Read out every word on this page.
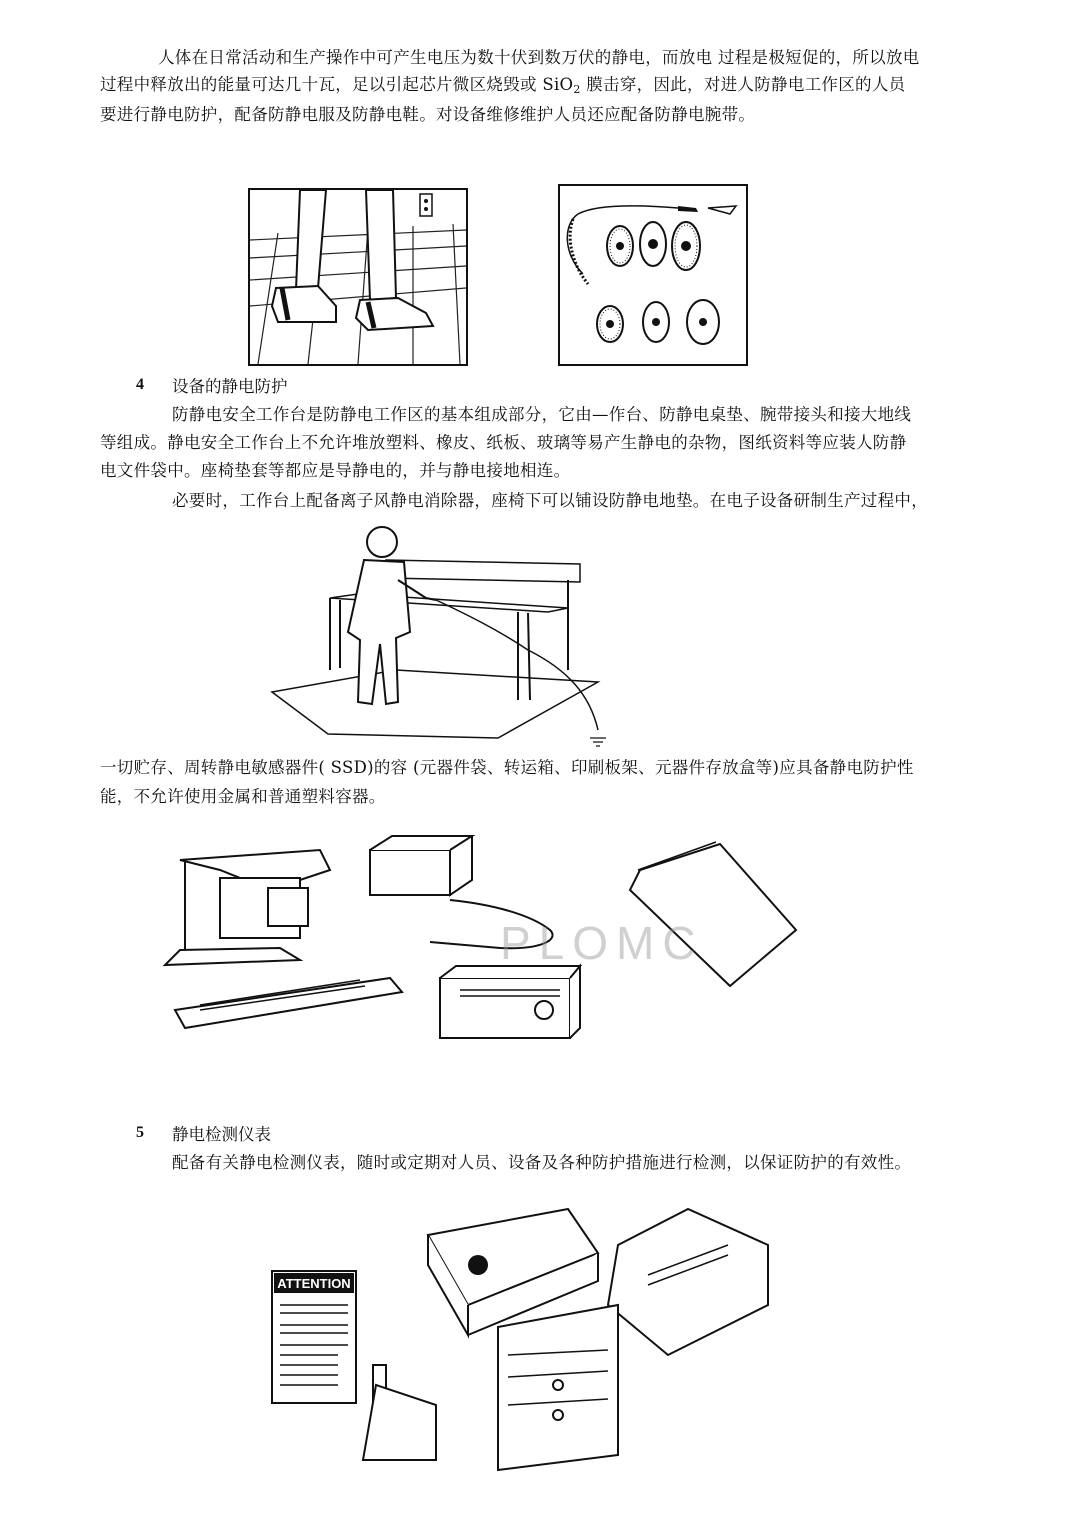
人体在日常活动和生产操作中可产生电压为数十伏到数万伏的静电，而放电 过程是极短促的，所以放电
过程中释放出的能量可达几十瓦，足以引起芯片微区烧毁或 SiO$_2$ 膜击穿，因此，对进人防静电工作区的人员
要进行静电防护，配备防静电服及防静电鞋。对设备维修维护人员还应配备防静电腕带。
4 设备的静电防护
防静电安全工作台是防静电工作区的基本组成部分，它由—作台、防静电桌垫、腕带接头和接大地线
等组成。静电安全工作台上不允许堆放塑料、橡皮、纸板、玻璃等易产生静电的杂物，图纸资料等应装人防静
电文件袋中。座椅垫套等都应是导静电的，并与静电接地相连。
必要时，工作台上配备离子风静电消除器，座椅下可以铺设防静电地垫。在电子设备研制生产过程中，
一切贮存、周转静电敏感器件( SSD)的容 (元器件袋、转运箱、印刷板架、元器件存放盒等)应具备静电防护性
能，不允许使用金属和普通塑料容器。
PLOMC
5 静电检测仪表
配备有关静电检测仪表，随时或定期对人员、设备及各种防护措施进行检测，以保证防护的有效性。
ATTENTION
